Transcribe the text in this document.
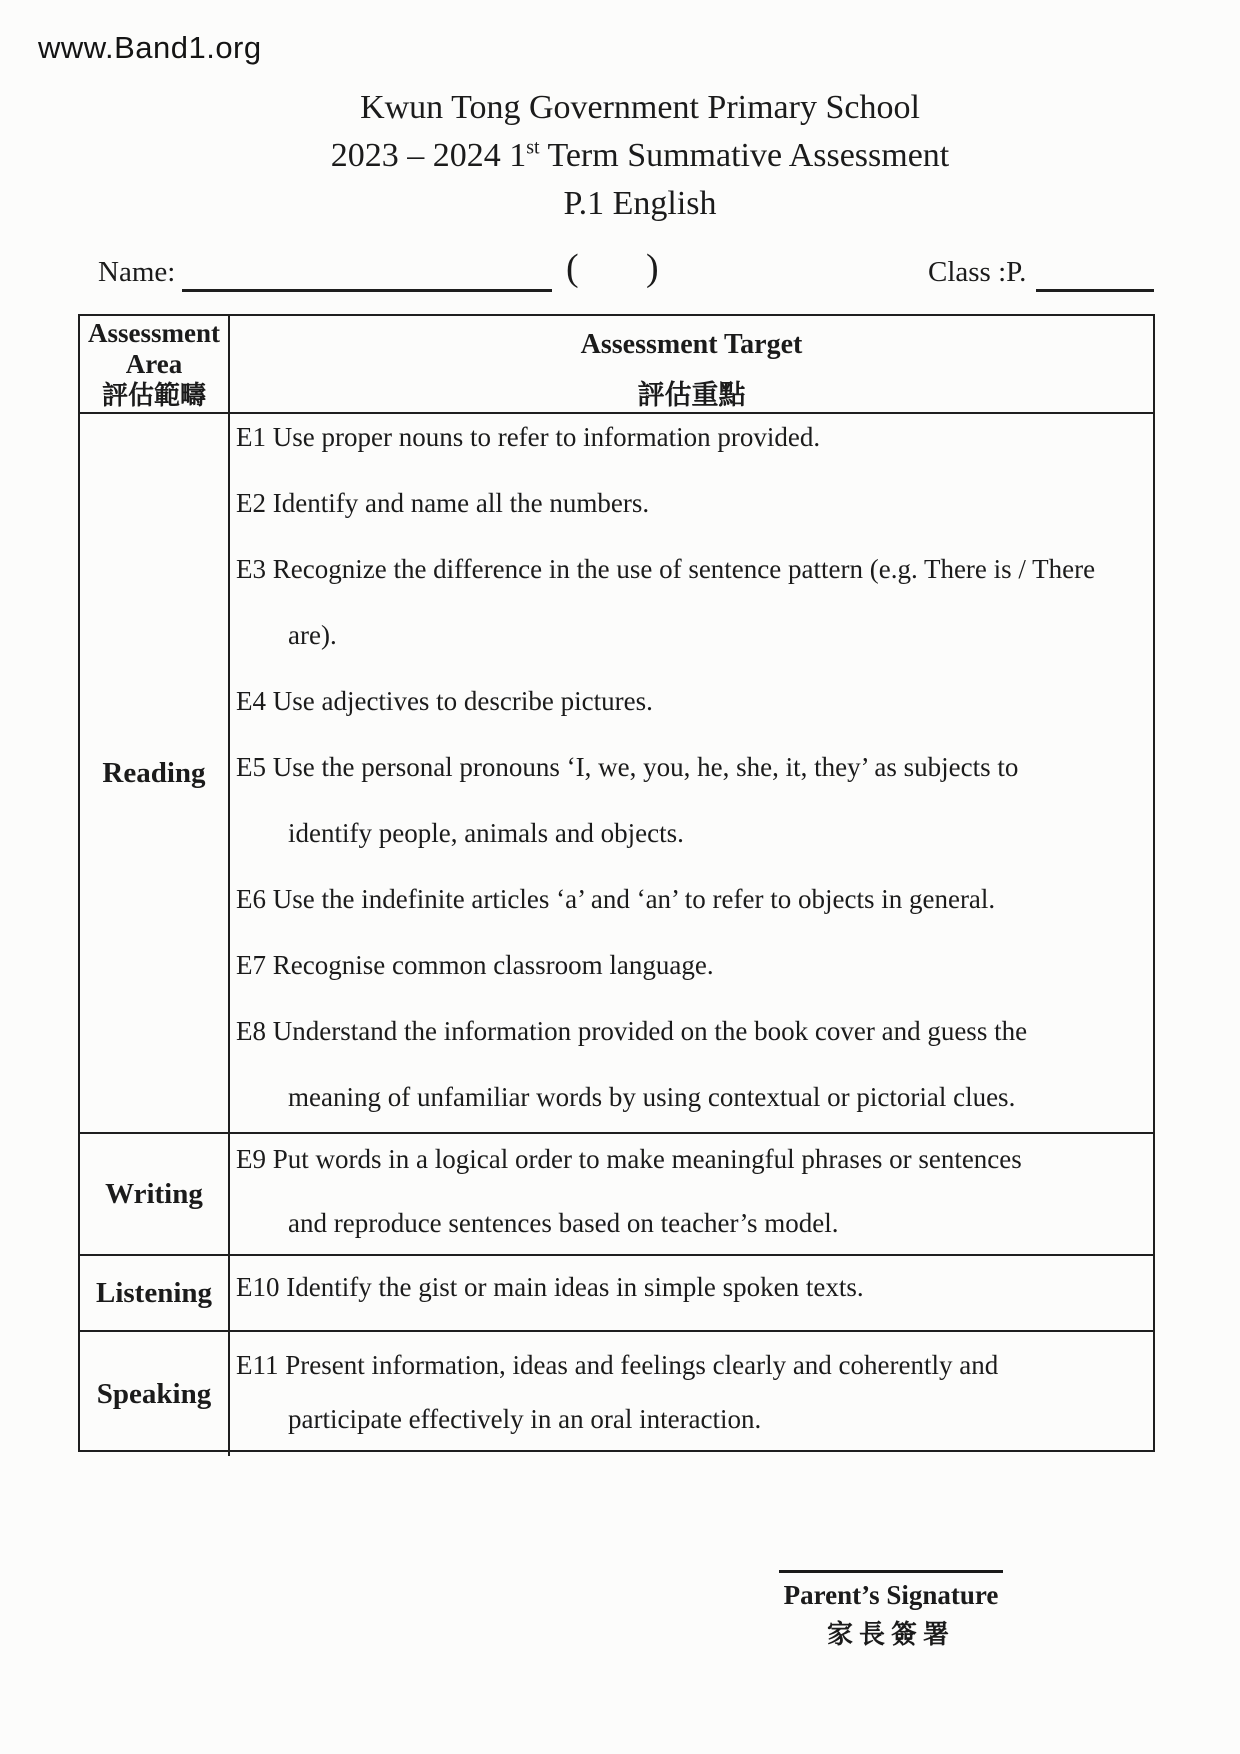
www.Band1.org
Kwun Tong Government Primary School
2023 – 2024 1st Term Summative Assessment
P.1 English
Name:	( )	Class :P.
Assessment
Area
評估範疇
Assessment Target
評估重點
Reading
E1 Use proper nouns to refer to information provided.
E2 Identify and name all the numbers.
E3 Recognize the difference in the use of sentence pattern (e.g. There is / There
are).
E4 Use adjectives to describe pictures.
E5 Use the personal pronouns ‘I, we, you, he, she, it, they’ as subjects to
identify people, animals and objects.
E6 Use the indefinite articles ‘a’ and ‘an’ to refer to objects in general.
E7 Recognise common classroom language.
E8 Understand the information provided on the book cover and guess the
meaning of unfamiliar words by using contextual or pictorial clues.
Writing
E9 Put words in a logical order to make meaningful phrases or sentences
and reproduce sentences based on teacher’s model.
Listening E10 Identify the gist or main ideas in simple spoken texts.
Speaking
E11 Present information, ideas and feelings clearly and coherently and
participate effectively in an oral interaction.
Parent’s Signature
家長簽署
